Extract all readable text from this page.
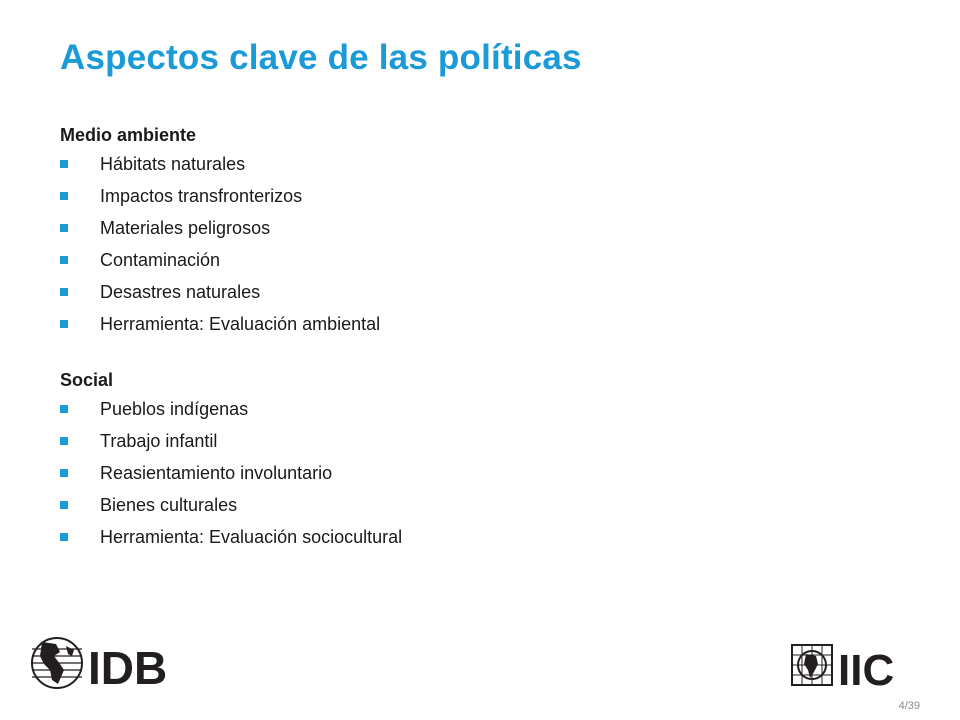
Aspectos clave de las políticas
Medio ambiente
Hábitats naturales
Impactos transfronterizos
Materiales peligrosos
Contaminación
Desastres naturales
Herramienta: Evaluación ambiental
Social
Pueblos indígenas
Trabajo infantil
Reasientamiento involuntario
Bienes culturales
Herramienta: Evaluación sociocultural
IDB	IIC
4/39
